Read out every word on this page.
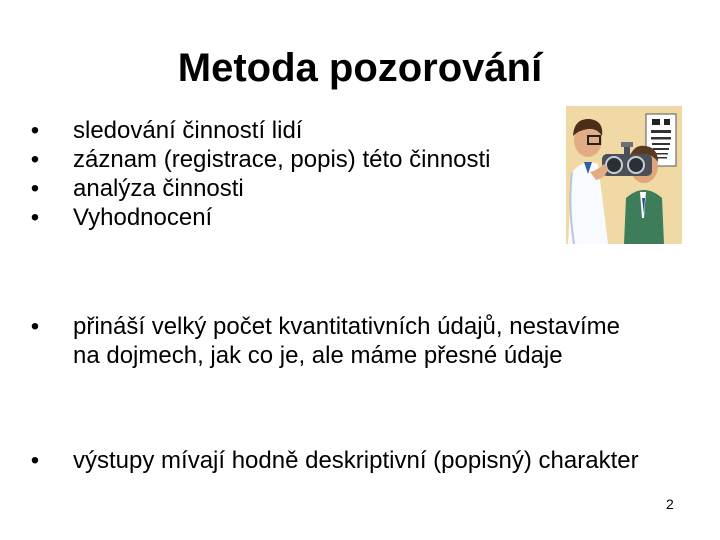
Metoda pozorování
• sledování činností lidí
• záznam (registrace, popis) této činnosti
• analýza činnosti
• Vyhodnocení
• přináší velký počet kvantitativních údajů, nestavíme na dojmech, jak co je, ale máme přesné údaje
• výstupy mívají hodně deskriptivní (popisný) charakter
2
